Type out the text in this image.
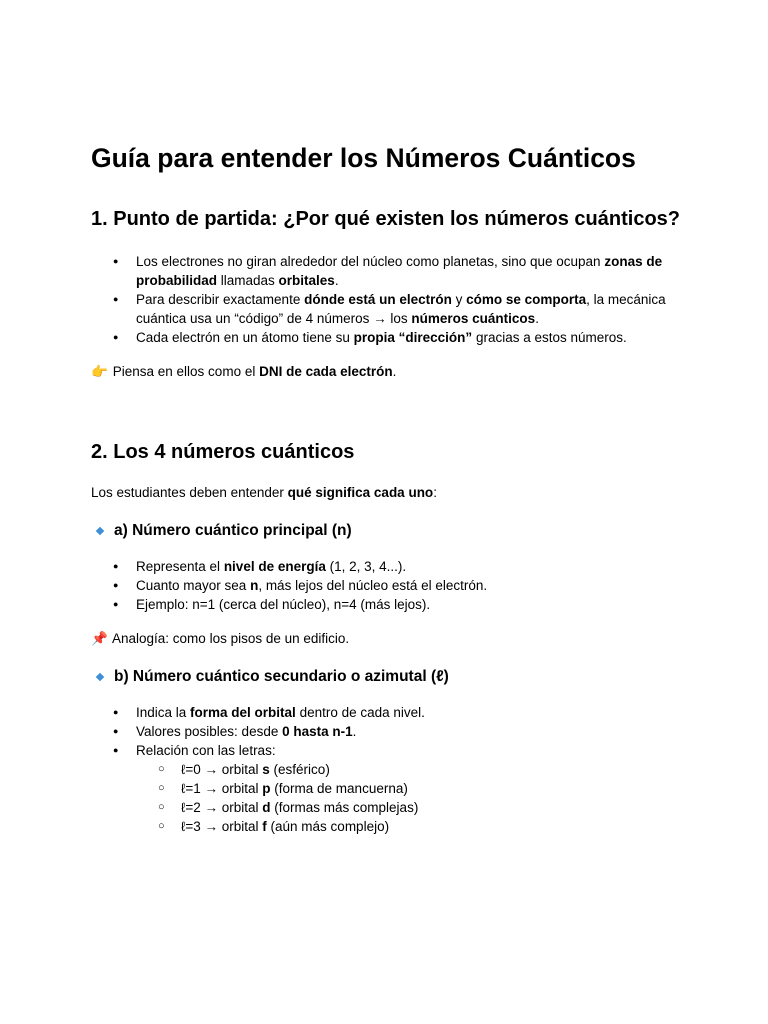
Guía para entender los Números Cuánticos
1. Punto de partida: ¿Por qué existen los números cuánticos?
● Los electrones no giran alrededor del núcleo como planetas, sino que ocupan zonas de probabilidad llamadas orbitales.
● Para describir exactamente dónde está un electrón y cómo se comporta, la mecánica cuántica usa un “código” de 4 números → los números cuánticos.
● Cada electrón en un átomo tiene su propia “dirección” gracias a estos números.

👉 Piensa en ellos como el DNI de cada electrón.

2. Los 4 números cuánticos

Los estudiantes deben entender qué significa cada uno:

a) Número cuántico principal (n)
● Representa el nivel de energía (1, 2, 3, 4...).
● Cuanto mayor sea n, más lejos del núcleo está el electrón.
● Ejemplo: n=1 (cerca del núcleo), n=4 (más lejos).

📌 Analogía: como los pisos de un edificio.

b) Número cuántico secundario o azimutal (ℓ)
● Indica la forma del orbital dentro de cada nivel.
● Valores posibles: desde 0 hasta n-1.
● Relación con las letras:
○ ℓ=0 → orbital s (esférico)
○ ℓ=1 → orbital p (forma de mancuerna)
○ ℓ=2 → orbital d (formas más complejas)
○ ℓ=3 → orbital f (aún más complejo)
